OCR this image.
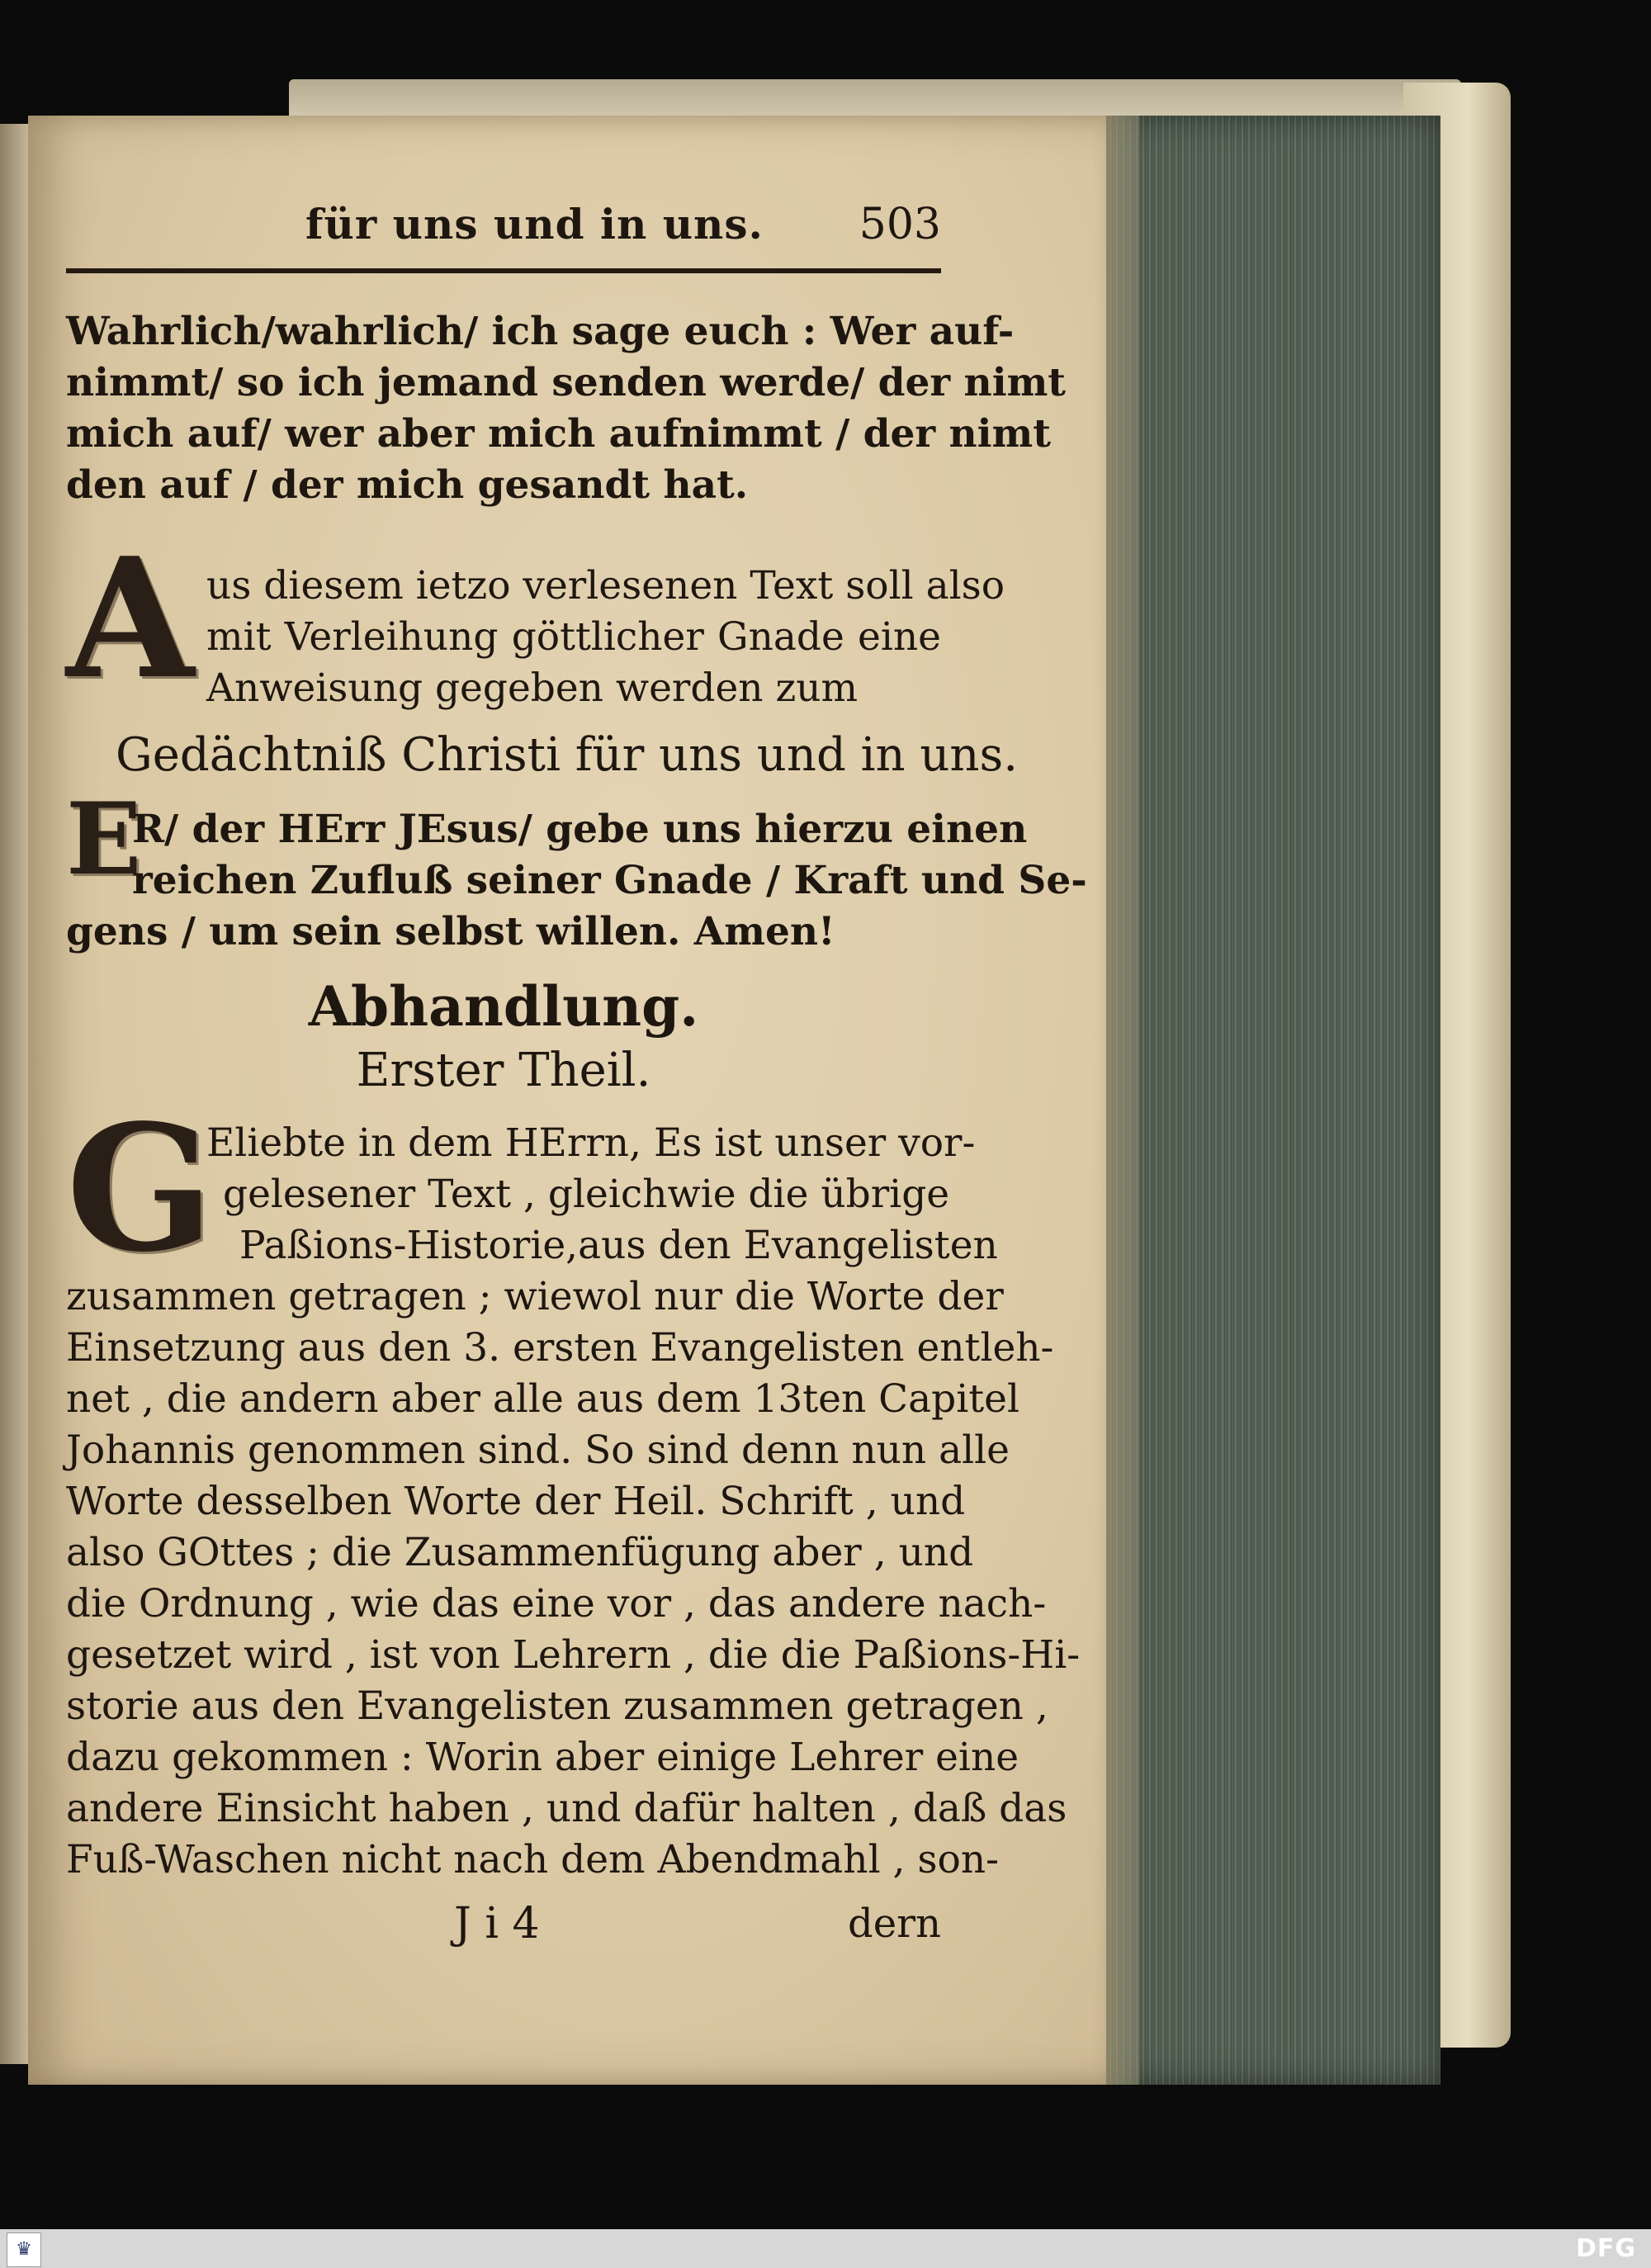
für uns und in uns. 503
Wahrlich/wahrlich/ ich sage euch : Wer auf-
nimmt/ so ich jemand senden werde/ der nimt
mich auf/ wer aber mich aufnimmt / der nimt
den auf / der mich gesandt hat.
A us diesem ietzo verlesenen Text soll also
mit Verleihung göttlicher Gnade eine
Anweisung gegeben werden zum
Gedächtniß Christi für uns und in uns.
E
R/ der HErr JEsus/ gebe uns hierzu einen
reichen Zufluß seiner Gnade / Kraft und Se-
gens / um sein selbst willen. Amen!
Abhandlung.
Erster Theil.
G
Eliebte in dem HErrn, Es ist unser vor-
gelesener Text , gleichwie die übrige
Paßions-Historie,aus den Evangelisten
zusammen getragen ; wiewol nur die Worte der
Einsetzung aus den 3. ersten Evangelisten entleh-
net , die andern aber alle aus dem 13ten Capitel
Johannis genommen sind. So sind denn nun alle
Worte desselben Worte der Heil. Schrift , und
also GOttes ; die Zusammenfügung aber , und
die Ordnung , wie das eine vor , das andere nach-
gesetzet wird , ist von Lehrern , die die Paßions-Hi-
storie aus den Evangelisten zusammen getragen ,
dazu gekommen : Worin aber einige Lehrer eine
andere Einsicht haben , und dafür halten , daß das
Fuß-Waschen nicht nach dem Abendmahl , son-
J i 4	dern
♛	DFG
